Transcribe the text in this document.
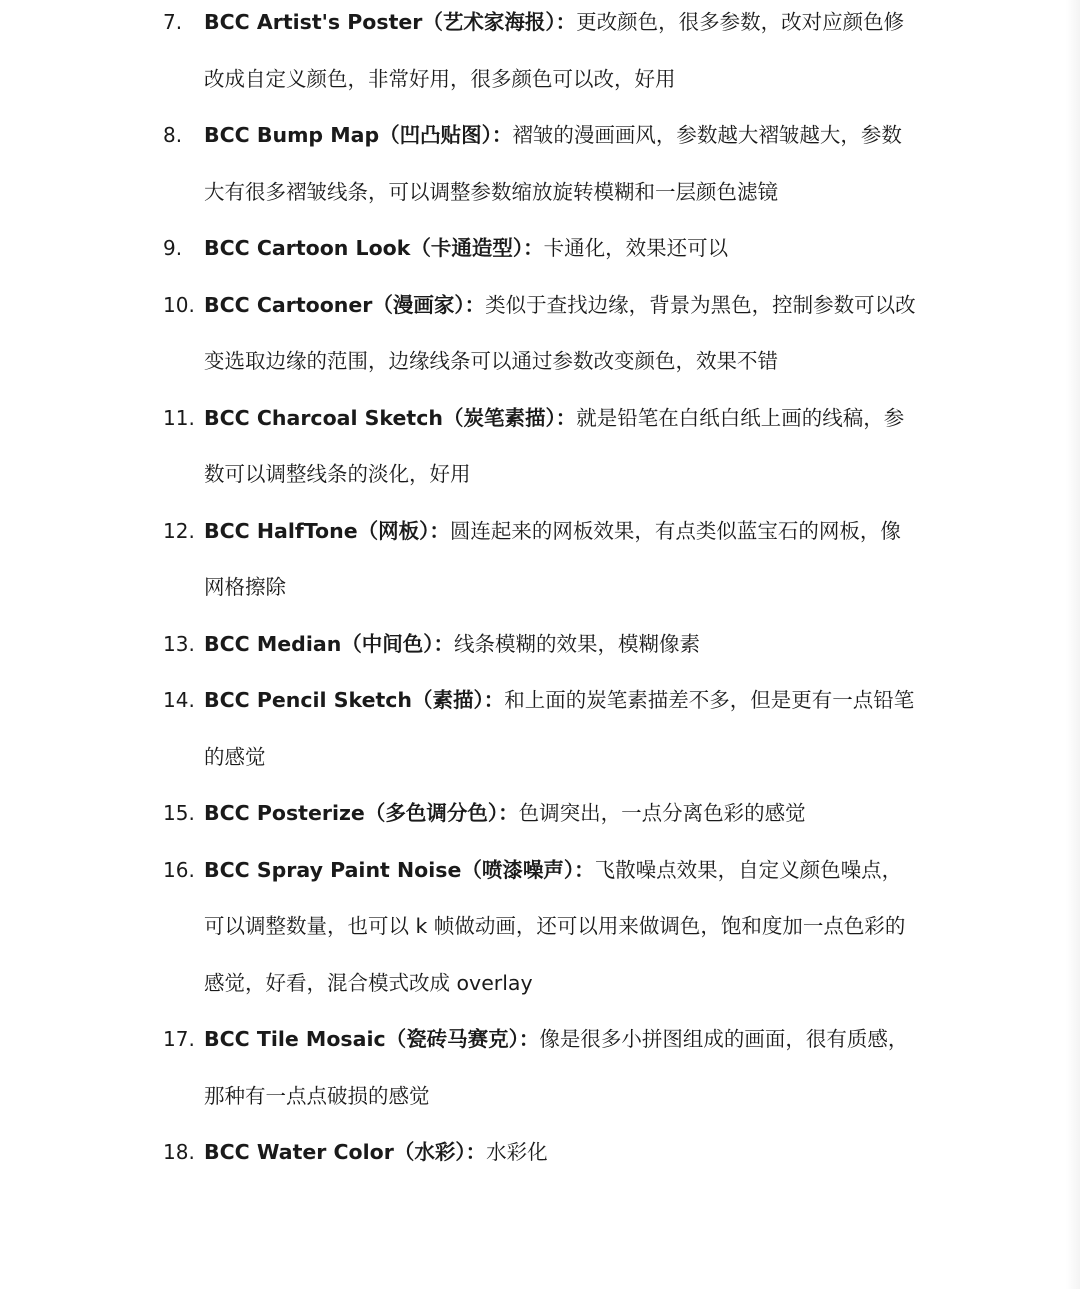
7. BCC Artist's Poster（艺术家海报）：更改颜色，很多参数，改对应颜色修改成自定义颜色，非常好用，很多颜色可以改，好用
8. BCC Bump Map（凹凸贴图）：褶皱的漫画画风，参数越大褶皱越大，参数大有很多褶皱线条，可以调整参数缩放旋转模糊和一层颜色滤镜
9. BCC Cartoon Look（卡通造型）：卡通化，效果还可以
10. BCC Cartooner（漫画家）：类似于查找边缘，背景为黑色，控制参数可以改变选取边缘的范围，边缘线条可以通过参数改变颜色，效果不错
11. BCC Charcoal Sketch（炭笔素描）：就是铅笔在白纸白纸上画的线稿，参数可以调整线条的淡化，好用
12. BCC HalfTone（网板）：圆连起来的网板效果，有点类似蓝宝石的网板，像网格擦除
13. BCC Median（中间色）：线条模糊的效果，模糊像素
14. BCC Pencil Sketch（素描）：和上面的炭笔素描差不多，但是更有一点铅笔的感觉
15. BCC Posterize（多色调分色）：色调突出，一点分离色彩的感觉
16. BCC Spray Paint Noise（喷漆噪声）：飞散噪点效果，自定义颜色噪点，可以调整数量，也可以 k 帧做动画，还可以用来做调色，饱和度加一点色彩的感觉，好看，混合模式改成 overlay
17. BCC Tile Mosaic（瓷砖马赛克）：像是很多小拼图组成的画面，很有质感，那种有一点点破损的感觉
18. BCC Water Color（水彩）：水彩化
